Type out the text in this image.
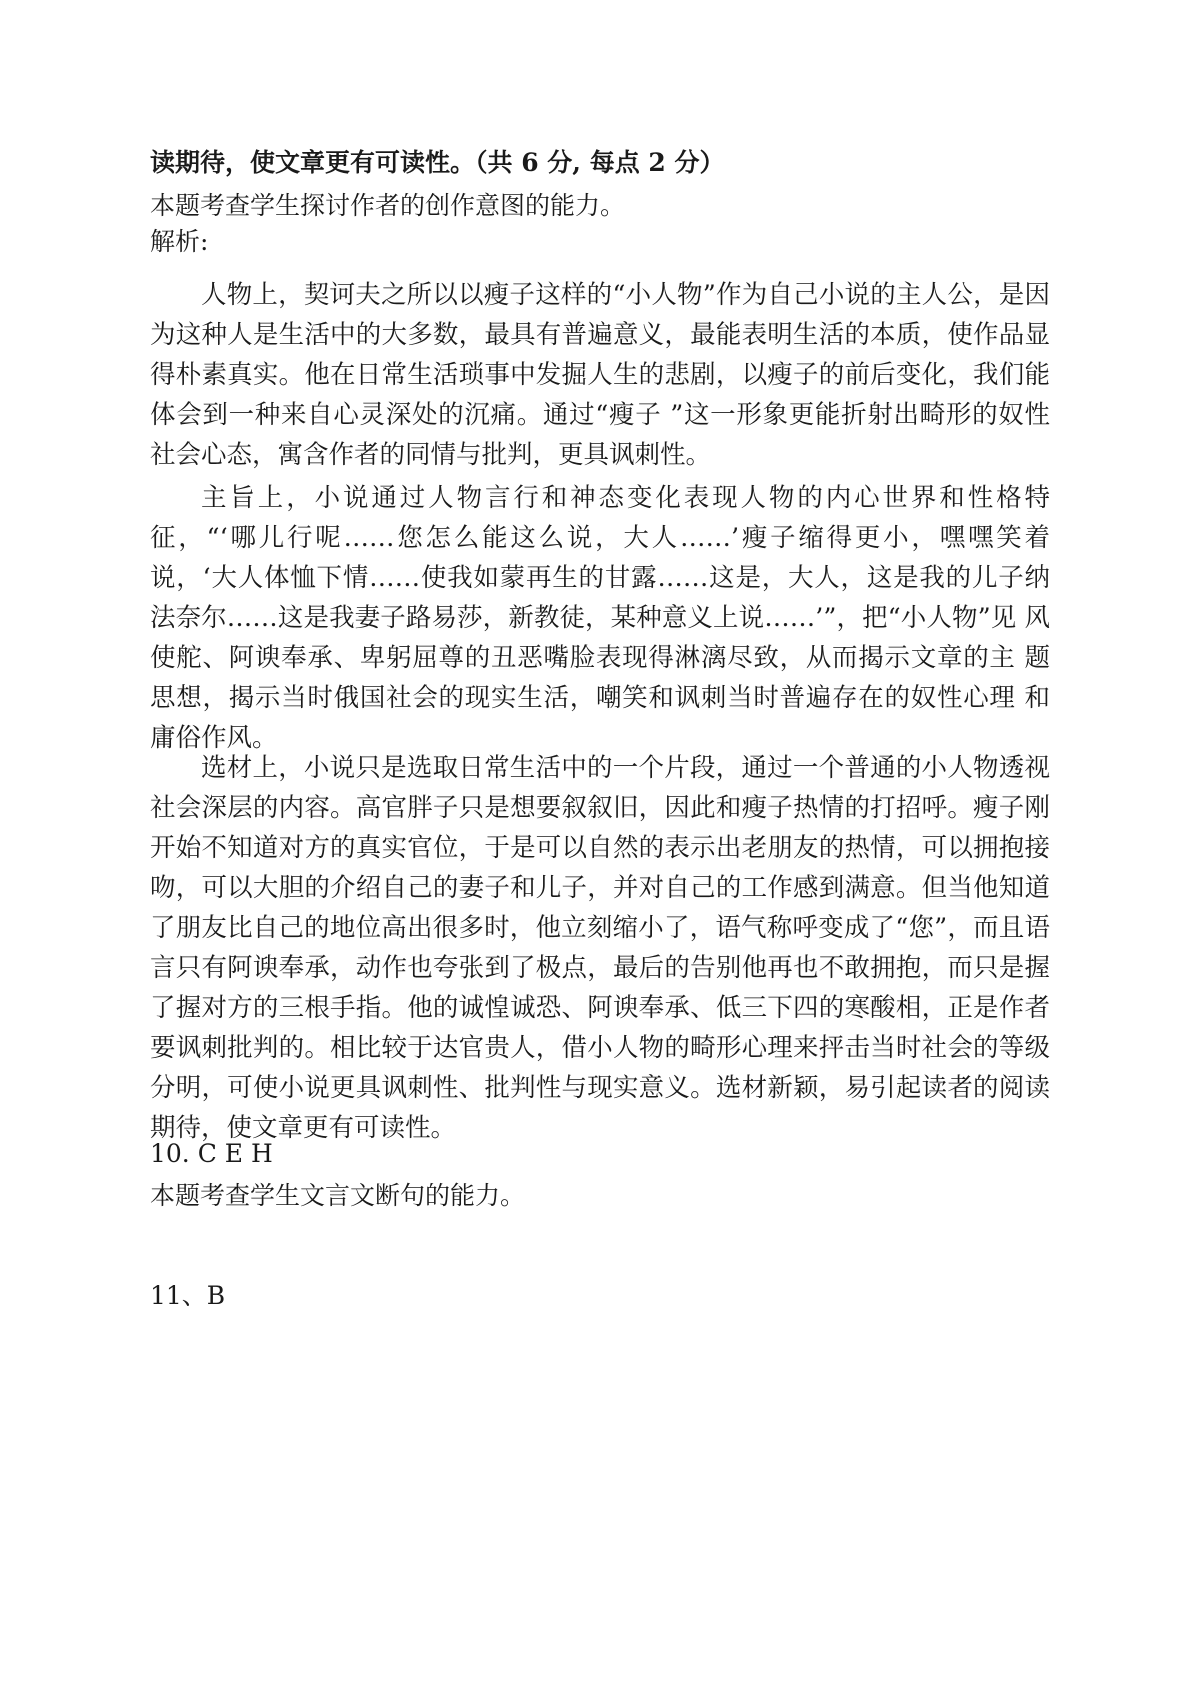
读期待，使文章更有可读性。（共 6 分, 每点 2 分）
本题考查学生探讨作者的创作意图的能力。
解析:

人物上，契诃夫之所以以瘦子这样的“小人物”作为自己小说的主人公，是因为这种人是生活中的大多数，最具有普遍意义，最能表明生活的本质，使作品显得朴素真实。他在日常生活琐事中发掘人生的悲剧，以瘦子的前后变化，我们能体会到一种来自心灵深处的沉痛。通过“瘦子 ”这一形象更能折射出畸形的奴性社会心态，寓含作者的同情与批判，更具讽刺性。

主旨上，小说通过人物言行和神态变化表现人物的内心世界和性格特征，“‘哪儿行呢……您怎么能这么说，大人……’瘦子缩得更小，嘿嘿笑着说，‘大人体恤下情……使我如蒙再生的甘露……这是，大人，这是我的儿子纳法奈尔……这是我妻子路易莎，新教徒，某种意义上说……’”，把“小人物”见 风使舵、阿谀奉承、卑躬屈尊的丑恶嘴脸表现得淋漓尽致，从而揭示文章的主 题思想，揭示当时俄国社会的现实生活，嘲笑和讽刺当时普遍存在的奴性心理 和庸俗作风。

选材上，小说只是选取日常生活中的一个片段，通过一个普通的小人物透视社会深层的内容。高官胖子只是想要叙叙旧，因此和瘦子热情的打招呼。瘦子刚开始不知道对方的真实官位，于是可以自然的表示出老朋友的热情，可以拥抱接吻，可以大胆的介绍自己的妻子和儿子，并对自己的工作感到满意。但当他知道了朋友比自己的地位高出很多时，他立刻缩小了，语气称呼变成了“您”，而且语言只有阿谀奉承，动作也夸张到了极点，最后的告别他再也不敢拥抱，而只是握了握对方的三根手指。他的诚惶诚恐、阿谀奉承、低三下四的寒酸相，正是作者要讽刺批判的。相比较于达官贵人，借小人物的畸形心理来抨击当时社会的等级分明，可使小说更具讽刺性、批判性与现实意义。选材新颖，易引起读者的阅读期待，使文章更有可读性。

10. C E H
本题考查学生文言文断句的能力。
11、B
